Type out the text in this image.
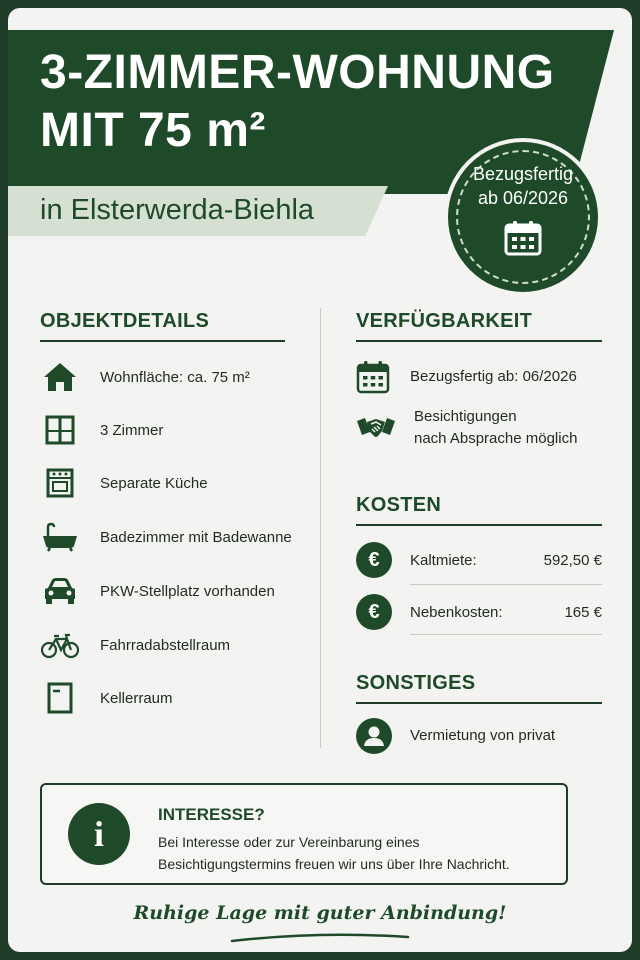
3-ZIMMER-WOHNUNG
MIT 75 m²
in Elsterwerda-Biehla
Bezugsfertig
ab 06/2026
OBJEKTDETAILS
Wohnfläche: ca. 75 m²
3 Zimmer
Separate Küche
Badezimmer mit Badewanne
PKW-Stellplatz vorhanden
Fahrradabstellraum
Kellerraum
VERFÜGBARKEIT
Bezugsfertig ab: 06/2026
Besichtigungen
nach Absprache möglich
KOSTEN
€	Kaltmiete:	592,50 €
€	Nebenkosten:	165 €
SONSTIGES
Vermietung von privat
i	INTERESSE?
Bei Interesse oder zur Vereinbarung eines
Besichtigungstermins freuen wir uns über Ihre Nachricht.
Ruhige Lage mit guter Anbindung!
